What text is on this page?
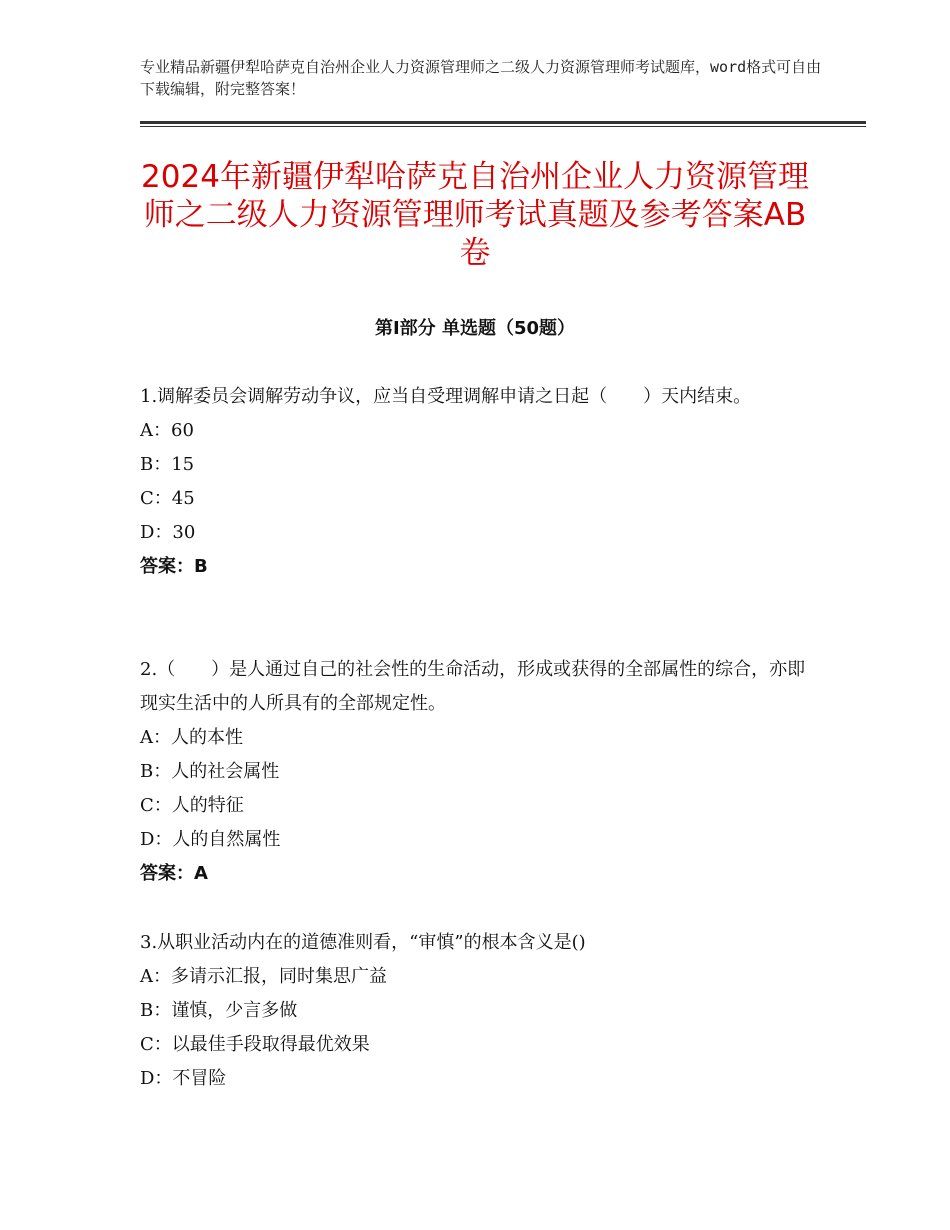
专业精品新疆伊犁哈萨克自治州企业人力资源管理师之二级人力资源管理师考试题库，word格式可自由下载编辑，附完整答案！
2024年新疆伊犁哈萨克自治州企业人力资源管理师之二级人力资源管理师考试真题及参考答案AB卷
第Ⅰ部分 单选题（50题）

1.调解委员会调解劳动争议，应当自受理调解申请之日起（　　）天内结束。

A：60

B：15

C：45

D：30

答案：B

2.（　　）是人通过自己的社会性的生命活动，形成或获得的全部属性的综合，亦即现实生活中的人所具有的全部规定性。

A：人的本性

B：人的社会属性

C：人的特征

D：人的自然属性

答案：A

3.从职业活动内在的道德准则看，“审慎”的根本含义是()

A：多请示汇报，同时集思广益

B：谨慎，少言多做

C：以最佳手段取得最优效果

D：不冒险
